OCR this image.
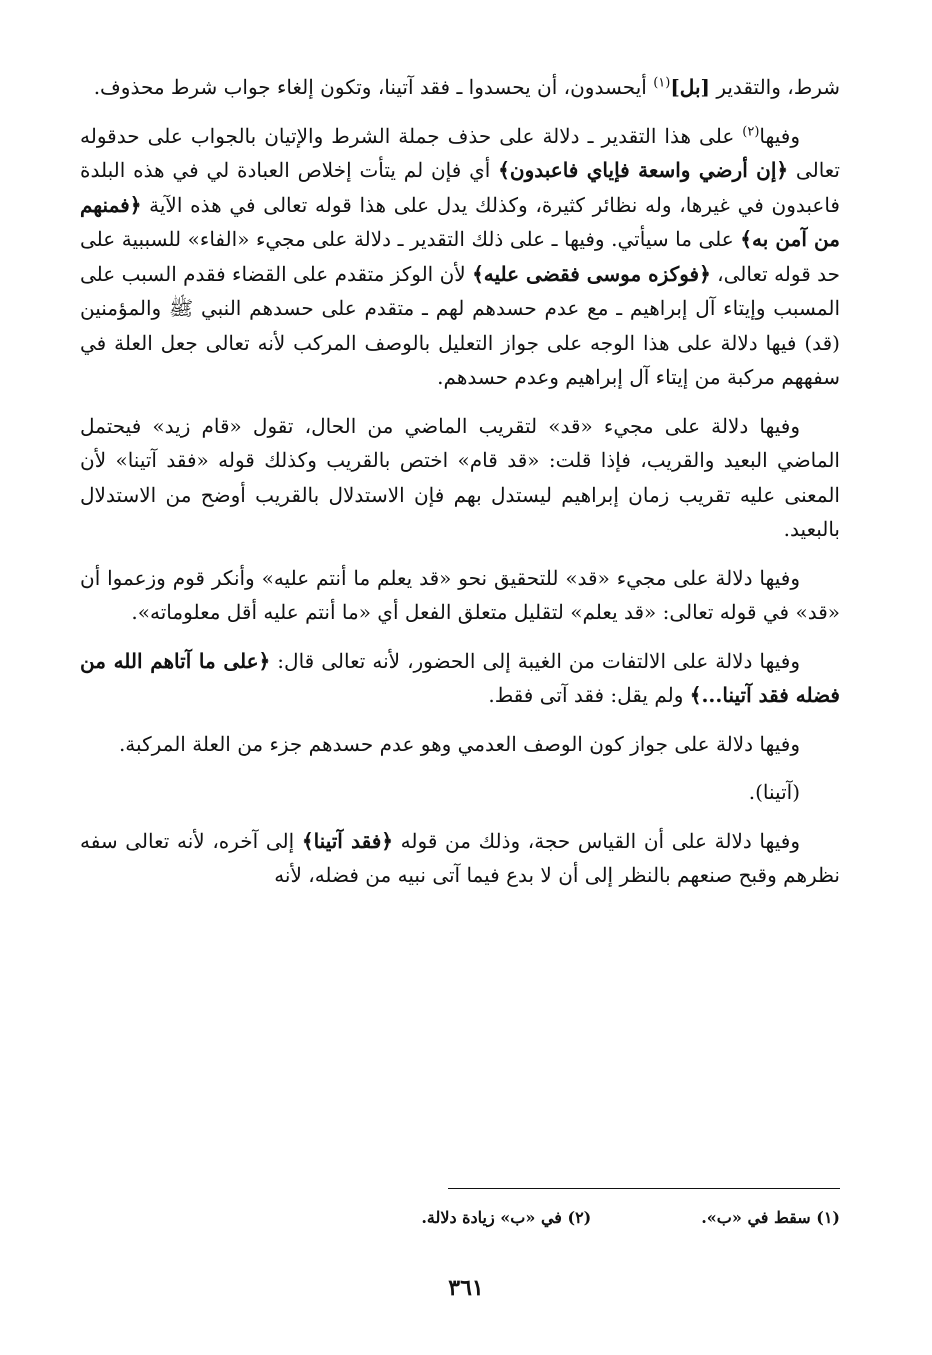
شرط، والتقدير [بل]$^{(١)}$ أيحسدون، أن يحسدوا ـ فقد آتينا، وتكون إلغاء جواب شرط محذوف.

وفيها$^{(٢)}$ على هذا التقدير ـ دلالة على حذف جملة الشرط والإتيان بالجواب على حدقوله تعالى ﴿إن أرضي واسعة فإياي فاعبدون﴾ أي فإن لم يتأت إخلاص العبادة لي في هذه البلدة فاعبدون في غيرها، وله نظائر كثيرة، وكذلك يدل على هذا قوله تعالى في هذه الآية ﴿فمنهم من آمن به﴾ على ما سيأتي. وفيها ـ على ذلك التقدير ـ دلالة على مجيء «الفاء» للسببية على حد قوله تعالى، ﴿فوكزه موسى فقضى عليه﴾ لأن الوكز متقدم على القضاء فقدم السبب على المسبب وإيتاء آل إبراهيم ـ مع عدم حسدهم لهم ـ متقدم على حسدهم النبي ﷺ والمؤمنين (قد) فيها دلالة على هذا الوجه على جواز التعليل بالوصف المركب لأنه تعالى جعل العلة في سفههم مركبة من إيتاء آل إبراهيم وعدم حسدهم.

وفيها دلالة على مجيء «قد» لتقريب الماضي من الحال، تقول «قام زيد» فيحتمل الماضي البعيد والقريب، فإذا قلت: «قد قام» اختص بالقريب وكذلك قوله «فقد آتينا» لأن المعنى عليه تقريب زمان إبراهيم ليستدل بهم فإن الاستدلال بالقريب أوضح من الاستدلال بالبعيد.

وفيها دلالة على مجيء «قد» للتحقيق نحو «قد يعلم ما أنتم عليه» وأنكر قوم وزعموا أن «قد» في قوله تعالى: «قد يعلم» لتقليل متعلق الفعل أي «ما أنتم عليه أقل معلوماته».

وفيها دلالة على الالتفات من الغيبة إلى الحضور، لأنه تعالى قال: ﴿على ما آتاهم الله من فضله فقد آتينا...﴾ ولم يقل: فقد آتى فقط.

وفيها دلالة على جواز كون الوصف العدمي وهو عدم حسدهم جزء من العلة المركبة.

(آتينا).

وفيها دلالة على أن القياس حجة، وذلك من قوله ﴿فقد آتينا﴾ إلى آخره، لأنه تعالى سفه نظرهم وقبح صنعهم بالنظر إلى أن لا بدع فيما آتى نبيه من فضله، لأنه

(١) سقط في «ب».
(٢) في «ب» زيادة دلالة.
٣٦١
